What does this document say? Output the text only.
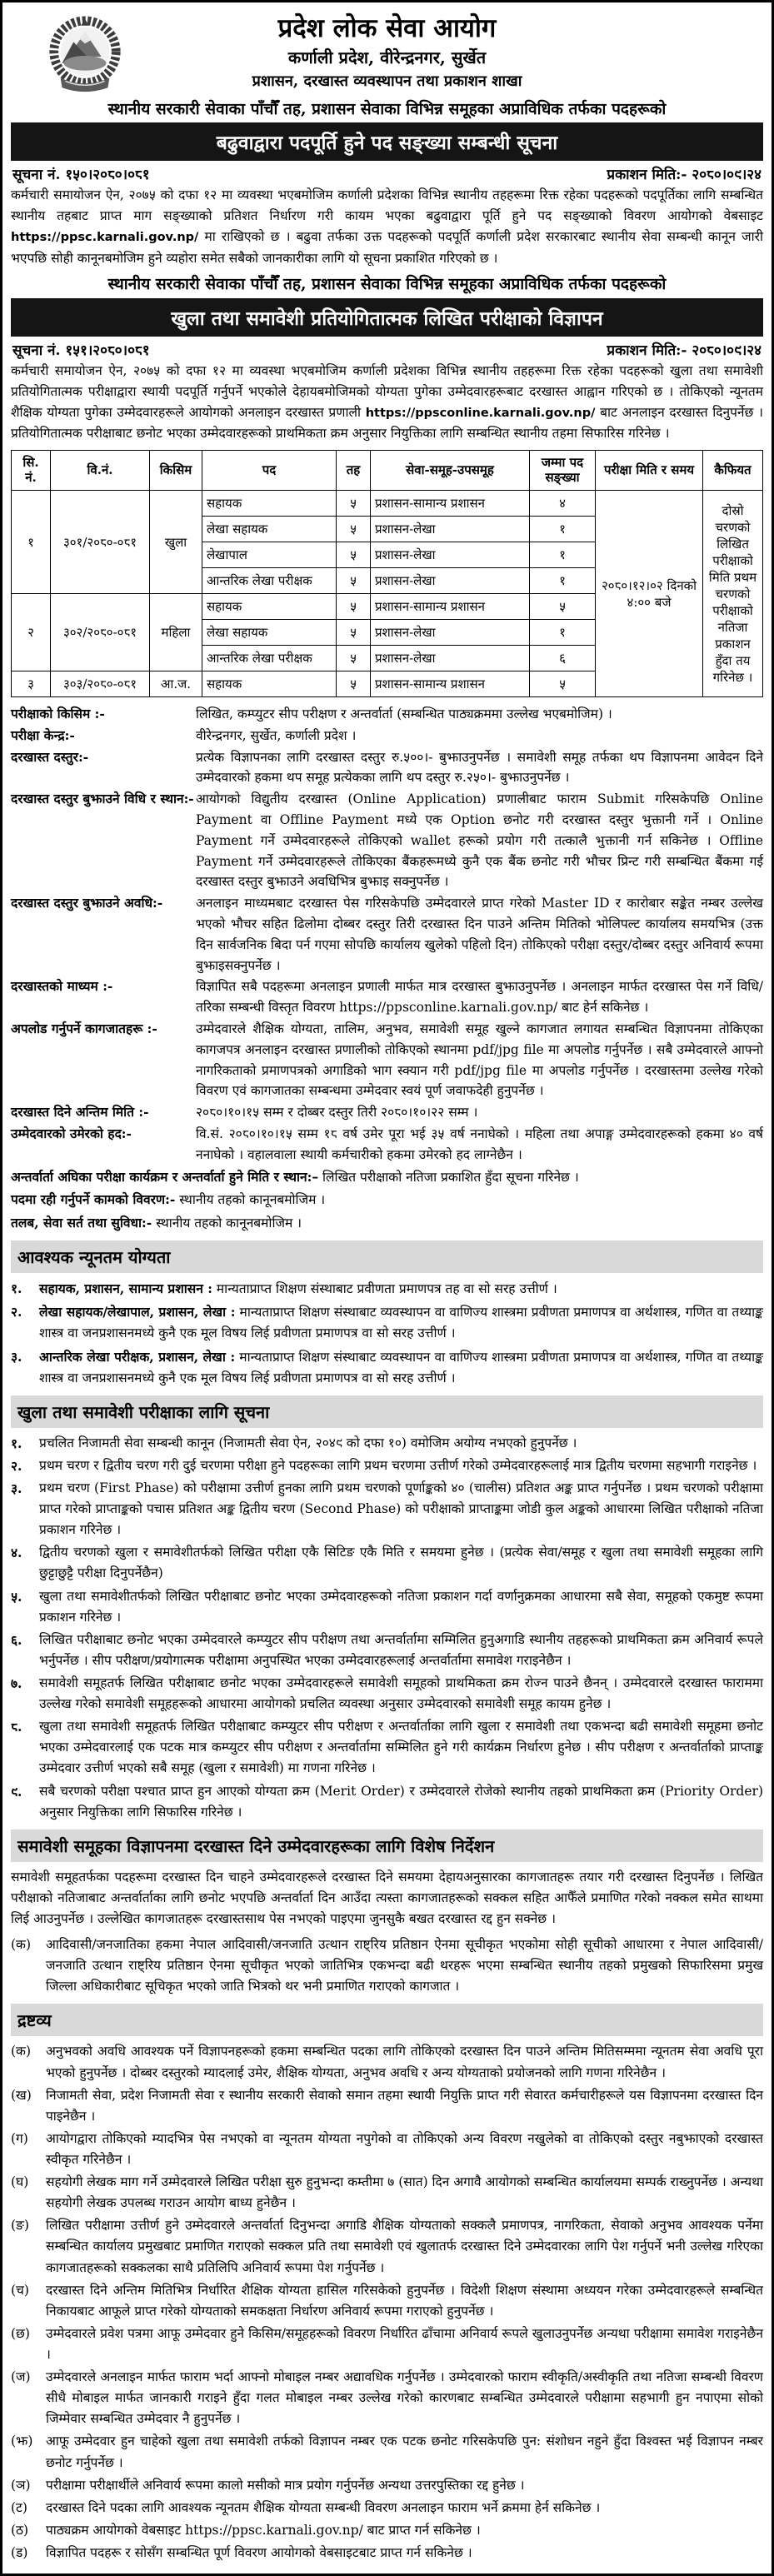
प्रदेश लोक सेवा आयोग
कर्णाली प्रदेश, वीरेन्द्रनगर, सुर्खेत
प्रशासन, दरखास्त व्यवस्थापन तथा प्रकाशन शाखा
स्थानीय सरकारी सेवाका पाँचौँ तह, प्रशासन सेवाका विभिन्न समूहका अप्राविधिक तर्फका पदहरूको
बढुवाद्वारा पदपूर्ति हुने पद सङ्ख्या सम्बन्धी सूचना
सूचना नं. १५०।२०८०।०८१	प्रकाशन मिति:- २०८०।०९।२४
कर्मचारी समायोजन ऐन, २०७५ को दफा १२ मा व्यवस्था भएबमोजिम कर्णाली प्रदेशका विभिन्न स्थानीय तहहरूमा रिक्त रहेका पदहरूको पदपूर्तिका लागि सम्बन्धित स्थानीय तहबाट प्राप्त माग सङ्ख्याको प्रतिशत निर्धारण गरी कायम भएका बढुवाद्वारा पूर्ति हुने पद सङ्ख्याको विवरण आयोगको वेबसाइट https://ppsc.karnali.gov.np/ मा राखिएको छ । बढुवा तर्फका उक्त पदहरूको पदपूर्ति कर्णाली प्रदेश सरकारबाट स्थानीय सेवा सम्बन्धी कानून जारी भएपछि सोही कानूनबमोजिम हुने व्यहोरा समेत सबैको जानकारीका लागि यो सूचना प्रकाशित गरिएको छ ।
स्थानीय सरकारी सेवाका पाँचौँ तह, प्रशासन सेवाका विभिन्न समूहका अप्राविधिक तर्फका पदहरूको
खुला तथा समावेशी प्रतियोगितात्मक लिखित परीक्षाको विज्ञापन
सूचना नं. १५१।२०८०।०८१	प्रकाशन मिति:- २०८०।०९।२४
कर्मचारी समायोजन ऐन, २०७५ को दफा १२ मा व्यवस्था भएबमोजिम कर्णाली प्रदेशका विभिन्न स्थानीय तहहरूमा रिक्त रहेका पदहरूको खुला तथा समावेशी प्रतियोगितात्मक परीक्षाद्वारा स्थायी पदपूर्ति गर्नुपर्ने भएकोले देहायबमोजिमको योग्यता पुगेका उम्मेदवारहरूबाट दरखास्त आह्वान गरिएको छ । तोकिएको न्यूनतम शैक्षिक योग्यता पुगेका उम्मेदवारहरूले आयोगको अनलाइन दरखास्त प्रणाली https://ppsconline.karnali.gov.np/ बाट अनलाइन दरखास्त दिनुपर्नेछ । प्रतियोगितात्मक परीक्षाबाट छनोट भएका उम्मेदवारहरूको प्राथमिकता क्रम अनुसार नियुक्तिका लागि सम्बन्धित स्थानीय तहमा सिफारिस गरिनेछ ।
सि. नं.	वि.नं.	किसिम	पद	तह	सेवा-समूह-उपसमूह	जम्मा पद सङ्ख्या	परीक्षा मिति र समय	कैफियत
१	३०१/२०८०-०८१	खुला	सहायक	५	प्रशासन-सामान्य प्रशासन	४	२०८०।१२।०२ दिनको ४:०० बजे	दोस्रो चरणको लिखित परीक्षाको मिति प्रथम चरणको परीक्षाको नतिजा प्रकाशन हुँदा तय गरिनेछ ।
			लेखा सहायक	५	प्रशासन-लेखा	१		
			लेखापाल	५	प्रशासन-लेखा	१		
			आन्तरिक लेखा परीक्षक	५	प्रशासन-लेखा	१		
२	३०२/२०८०-०८१	महिला	सहायक	५	प्रशासन-सामान्य प्रशासन	५		
			लेखा सहायक	५	प्रशासन-लेखा	१		
			आन्तरिक लेखा परीक्षक	५	प्रशासन-लेखा	६		
३	३०३/२०८०-०८१	आ.ज.	सहायक	५	प्रशासन-सामान्य प्रशासन	५		
परीक्षाको किसिम :-	लिखित, कम्प्युटर सीप परीक्षण र अन्तर्वार्ता (सम्बन्धित पाठ्यक्रममा उल्लेख भएबमोजिम) ।
परीक्षा केन्द्र:-	वीरेन्द्रनगर, सुर्खेत, कर्णाली प्रदेश ।
दरखास्त दस्तुर:-	प्रत्येक विज्ञापनका लागि दरखास्त दस्तुर रु.५००।- बुझाउनुपर्नेछ । समावेशी समूह तर्फका थप विज्ञापनमा आवेदन दिने उम्मेदवारको हकमा थप समूह प्रत्येकका लागि थप दस्तुर रु.२५०।- बुझाउनुपर्नेछ ।
दरखास्त दस्तुर बुझाउने विधि र स्थान:- आयोगको विद्युतीय दरखास्त (Online Application) प्रणालीबाट फाराम Submit गरिसकेपछि Online Payment वा Offline Payment मध्ये एक Option छनोट गरी दरखास्त दस्तुर भुक्तानी गर्ने । Online Payment गर्ने उम्मेदवारहरूले तोकिएको wallet हरूको प्रयोग गरी तत्कालै भुक्तानी गर्न सकिनेछ । Offline Payment गर्ने उम्मेदवारहरूले तोकिएका बैंकहरूमध्ये कुनै एक बैंक छनोट गरी भौचर प्रिन्ट गरी सम्बन्धित बैंकमा गई दरखास्त दस्तुर बुझाउने अवधिभित्र बुझाइ सक्नुपर्नेछ ।
दरखास्त दस्तुर बुझाउने अवधि:-	अनलाइन माध्यमबाट दरखास्त पेस गरिसकेपछि उम्मेदवारले प्राप्त गरेको Master ID र कारोबार सङ्केत नम्बर उल्लेख भएको भौचर सहित ढिलोमा दोब्बर दस्तुर तिरी दरखास्त दिन पाउने अन्तिम मितिको भोलिपल्ट कार्यालय समयभित्र (उक्त दिन सार्वजनिक बिदा पर्न गएमा सोपछि कार्यालय खुलेको पहिलो दिन) तोकिएको परीक्षा दस्तुर/दोब्बर दस्तुर अनिवार्य रूपमा बुझाइसक्नुपर्नेछ ।
दरखास्तको माध्यम :-	विज्ञापित सबै पदहरूमा अनलाइन प्रणाली मार्फत मात्र दरखास्त बुझाउनुपर्नेछ । अनलाइन मार्फत दरखास्त पेस गर्ने विधि/तरिका सम्बन्धी विस्तृत विवरण https://ppsconline.karnali.gov.np/ बाट हेर्न सकिनेछ ।
अपलोड गर्नुपर्ने कागजातहरू :-	उम्मेदवारले शैक्षिक योग्यता, तालिम, अनुभव, समावेशी समूह खुल्ने कागजात लगायत सम्बन्धित विज्ञापनमा तोकिएका कागजपत्र अनलाइन दरखास्त प्रणालीको तोकिएको स्थानमा pdf/jpg file मा अपलोड गर्नुपर्नेछ । सबै उम्मेदवारले आफ्नो नागरिकताको प्रमाणपत्रको अगाडिको भाग स्क्यान गरी pdf/jpg file मा अपलोड गर्नुपर्नेछ । दरखास्तमा उल्लेख गरेको विवरण एवं कागजातका सम्बन्धमा उम्मेदवार स्वयं पूर्ण जवाफदेही हुनुपर्नेछ ।
दरखास्त दिने अन्तिम मिति :-	२०८०।१०।१५ सम्म र दोब्बर दस्तुर तिरी २०८०।१०।२२ सम्म ।
उम्मेदवारको उमेरको हद:-	वि.सं. २०८०।१०।१५ सम्म १८ वर्ष उमेर पूरा भई ३५ वर्ष ननाघेको । महिला तथा अपाङ्ग उम्मेदवारहरूको हकमा ४० वर्ष ननाघेको । वहालवाला स्थायी कर्मचारीको हकमा उमेरको हद लाग्नेछैन ।
अन्तर्वार्ता अघिका परीक्षा कार्यक्रम र अन्तर्वार्ता हुने मिति र स्थान:– लिखित परीक्षाको नतिजा प्रकाशित हुँदा सूचना गरिनेछ ।
पदमा रही गर्नुपर्ने कामको विवरण:- स्थानीय तहको कानूनबमोजिम ।
तलब, सेवा सर्त तथा सुविधा:- स्थानीय तहको कानूनबमोजिम ।
आवश्यक न्यूनतम योग्यता
१.	सहायक, प्रशासन, सामान्य प्रशासन : मान्यताप्राप्त शिक्षण संस्थाबाट प्रवीणता प्रमाणपत्र तह वा सो सरह उत्तीर्ण ।
२.	लेखा सहायक/लेखापाल, प्रशासन, लेखा : मान्यताप्राप्त शिक्षण संस्थाबाट व्यवस्थापन वा वाणिज्य शास्त्रमा प्रवीणता प्रमाणपत्र वा अर्थशास्त्र, गणित वा तथ्याङ्क शास्त्र वा जनप्रशासनमध्ये कुनै एक मूल विषय लिई प्रवीणता प्रमाणपत्र वा सो सरह उत्तीर्ण ।
३.	आन्तरिक लेखा परीक्षक, प्रशासन, लेखा : मान्यताप्राप्त शिक्षण संस्थाबाट व्यवस्थापन वा वाणिज्य शास्त्रमा प्रवीणता प्रमाणपत्र वा अर्थशास्त्र, गणित वा तथ्याङ्क शास्त्र वा जनप्रशासनमध्ये कुनै एक मूल विषय लिई प्रवीणता प्रमाणपत्र वा सो सरह उत्तीर्ण ।
खुला तथा समावेशी परीक्षाका लागि सूचना
१.	प्रचलित निजामती सेवा सम्बन्धी कानून (निजामती सेवा ऐन, २०४९ को दफा १०) वमोजिम अयोग्य नभएको हुनुपर्नेछ ।
२.	प्रथम चरण र द्वितीय चरण गरी दुई चरणमा परीक्षा हुने पदहरूका लागि प्रथम चरणमा उत्तीर्ण गरेको उम्मेदवारहरूलाई मात्र द्वितीय चरणमा सहभागी गराइनेछ ।
३.	प्रथम चरण (First Phase) को परीक्षामा उत्तीर्ण हुनका लागि प्रथम चरणको पूर्णाङ्कको ४० (चालीस) प्रतिशत अङ्क प्राप्त गर्नुपर्नेछ । प्रथम चरणको परीक्षामा प्राप्त गरेको प्राप्ताङ्कको पचास प्रतिशत अङ्क द्वितीय चरण (Second Phase) को परीक्षाको प्राप्ताङ्कमा जोडी कुल अङ्कको आधारमा लिखित परीक्षाको नतिजा प्रकाशन गरिनेछ ।
४.	द्वितीय चरणको खुला र समावेशीतर्फको लिखित परीक्षा एकै सिटिङ एकै मिति र समयमा हुनेछ । (प्रत्येक सेवा/समूह र खुला तथा समावेशी समूहका लागि छुट्टाछुट्टै परीक्षा दिनुपर्नेछैन)
५.	खुला तथा समावेशीतर्फको लिखित परीक्षाबाट छनोट भएका उम्मेदवारहरूको नतिजा प्रकाशन गर्दा वर्णानुक्रमका आधारमा सबै सेवा, समूहको एकमुष्ट रूपमा प्रकाशन गरिनेछ ।
६.	लिखित परीक्षाबाट छनोट भएका उम्मेदवारले कम्प्युटर सीप परीक्षण तथा अन्तर्वार्तामा सम्मिलित हुनुअगाडि स्थानीय तहहरूको प्राथमिकता क्रम अनिवार्य रूपले भर्नुपर्नेछ । सीप परीक्षण/प्रयोगात्मक परीक्षामा अनुपस्थित भएका उम्मेदवारहरूलाई अन्तर्वार्तामा समावेश गराइनेछैन ।
७.	समावेशी समूहतर्फ लिखित परीक्षाबाट छनोट भएका उम्मेदवारहरूले समावेशी समूहको प्राथमिकता क्रम रोज्न पाउने छैनन् । उम्मेदवारले दरखास्त फाराममा उल्लेख गरेको समावेशी समूहहरूको आधारमा आयोगको प्रचलित व्यवस्था अनुसार उम्मेदवारको समावेशी समूह कायम हुनेछ ।
८.	खुला तथा समावेशी समूहतर्फ लिखित परीक्षाबाट कम्प्युटर सीप परीक्षण र अन्तर्वार्ताका लागि खुला र समावेशी तथा एकभन्दा बढी समावेशी समूहमा छनोट भएका उम्मेदवारलाई एक पटक मात्र कम्प्युटर सीप परीक्षण र अन्तर्वार्तामा सम्मिलित हुने गरी कार्यक्रम निर्धारण हुनेछ । सीप परीक्षण र अन्तर्वार्ताको प्राप्ताङ्क उम्मेदवार उत्तीर्ण भएको सबै समूह (खुला र समावेशी) मा गणना गरिनेछ ।
९.	सबै चरणको परीक्षा पश्चात प्राप्त हुन आएको योग्यता क्रम (Merit Order) र उम्मेदवारले रोजेको स्थानीय तहको प्राथमिकता क्रम (Priority Order) अनुसार नियुक्तिका लागि सिफारिस गरिनेछ ।
समावेशी समूहका विज्ञापनमा दरखास्त दिने उम्मेदवारहरूका लागि विशेष निर्देशन
समावेशी समूहतर्फका पदहरूमा दरखास्त दिन चाहने उम्मेदवारहरूले दरखास्त दिने समयमा देहायअनुसारका कागजातहरू तयार गरी दरखास्त दिनुपर्नेछ । लिखित परीक्षाको नतिजाबाट अन्तर्वार्ताका लागि छनोट भएपछि अन्तर्वार्ता दिन आउँदा त्यस्ता कागजातहरूको सक्कल सहित आफैँले प्रमाणित गरेको नक्कल समेत साथमा लिई आउनुपर्नेछ । उल्लेखित कागजातहरू दरखास्तसाथ पेस नभएको पाइएमा जुनसुकै बखत दरखास्त रद्द हुन सक्नेछ ।
(क)	आदिवासी/जनजातिका हकमा नेपाल आदिवासी/जनजाति उत्थान राष्ट्रिय प्रतिष्ठान ऐनमा सूचीकृत भएकोमा सोही सूचीको आधारमा र नेपाल आदिवासी/जनजाति उत्थान राष्ट्रिय प्रतिष्ठान ऐनमा सूचीकृत भएको जातिभित्र एकभन्दा बढी थरहरू भएमा सम्बन्धित स्थानीय तहको प्रमुखको सिफारिसमा प्रमुख जिल्ला अधिकारीबाट सूचिकृत भएको जाति भित्रको थर भनी प्रमाणित गराएको कागजात ।
द्रष्टव्य
(क)	अनुभवको अवधि आवश्यक पर्ने विज्ञापनहरूको हकमा सम्बन्धित पदका लागि तोकिएको दरखास्त दिन पाउने अन्तिम मितिसम्ममा न्यूनतम सेवा अवधि पूरा भएको हुनुपर्नेछ । दोब्बर दस्तुरको म्यादलाई उमेर, शैक्षिक योग्यता, अनुभव अवधि र अन्य योग्यताको प्रयोजनको लागि गणना गरिनेछैन ।
(ख)	निजामती सेवा, प्रदेश निजामती सेवा र स्थानीय सरकारी सेवाको समान तहमा स्थायी नियुक्ति प्राप्त गरी सेवारत कर्मचारीहरूले यस विज्ञापनमा दरखास्त दिन पाइनेछैन ।
(ग)	आयोगद्वारा तोकिएको म्यादभित्र पेस नभएको वा न्यूनतम योग्यता नपुगेको वा तोकिएको अन्य विवरण नखुलेको वा तोकिएको दस्तुर नबुझाएको दरखास्त स्वीकृत गरिनेछैन ।
(घ)	सहयोगी लेखक माग गर्ने उम्मेदवारले लिखित परीक्षा सुरु हुनुभन्दा कम्तीमा ७ (सात) दिन अगावै आयोगको सम्बन्धित कार्यालयमा सम्पर्क राख्नुपर्नेछ । अन्यथा सहयोगी लेखक उपलब्ध गराउन आयोग बाध्य हुनेछैन ।
(ङ)	लिखित परीक्षामा उत्तीर्ण हुने उम्मेदवारले अन्तर्वार्ता दिनुभन्दा अगाडि शैक्षिक योग्यताको सक्कलै प्रमाणपत्र, नागरिकता, सेवाको अनुभव आवश्यक पर्नेमा सम्बन्धित कार्यालय प्रमुखबाट प्रमाणित गराएको सक्कल प्रति तथा समावेशी एवं खुलातर्फ दरखास्त दिने उम्मेदवारका लागि पेश गर्नुपर्ने भनी उल्लेख गरिएका कागजातहरूको सक्कलका साथै प्रतिलिपि अनिवार्य रूपमा पेश गर्नुपर्नेछ ।
(च)	दरखास्त दिने अन्तिम मितिभित्र निर्धारित शैक्षिक योग्यता हासिल गरिसकेको हुनुपर्नेछ । विदेशी शिक्षण संस्थामा अध्ययन गरेका उम्मेदवारहरूले सम्बन्धित निकायबाट आफूले प्राप्त गरेको योग्यताको समकक्षता निर्धारण अनिवार्य रूपमा गराएको हुनुपर्नेछ ।
(छ)	उम्मेदवारले प्रवेश पत्रमा आफू उम्मेदवार हुने किसिम/समूहहरूको विवरण निर्धारित ढाँचामा अनिवार्य रूपले खुलाउनुपर्नेछ अन्यथा परीक्षामा समावेश गराइनेछैन ।
(ज)	उम्मेदवारले अनलाइन मार्फत फाराम भर्दा आफ्नो मोबाइल नम्बर अद्यावधिक गर्नुपर्नेछ । उम्मेदवारको फाराम स्वीकृति/अस्वीकृति तथा नतिजा सम्बन्धी विवरण सीधै मोबाइल मार्फत जानकारी गराइने हुँदा गलत मोबाइल नम्बर उल्लेख गरेको कारणबाट सम्बन्धित उम्मेदवारले परीक्षामा सहभागी हुन नपाएमा सोको जिम्मेवार सम्बन्धित उम्मेदवार नै हुनुपर्नेछ ।
(झ)	आफू उम्मेदवार हुन चाहेको खुला तथा समावेशी तर्फको विज्ञापन नम्बर एक पटक छनोट गरिसकेपछि पुन: संशोधन नहुने हुँदा विश्वस्त भई विज्ञापन नम्बर छनोट गर्नुपर्नेछ ।
(ञ)	परीक्षामा परीक्षार्थीले अनिवार्य रूपमा कालो मसीको मात्र प्रयोग गर्नुपर्नेछ अन्यथा उत्तरपुस्तिका रद्द हुनेछ ।
(ट)	दरखास्त दिने पदका लागि आवश्यक न्यूनतम शैक्षिक योग्यता सम्बन्धी विवरण अनलाइन फाराम भर्ने क्रममा हेर्न सकिनेछ ।
(ठ)	पाठ्यक्रम आयोगको वेबसाइट https://ppsc.karnali.gov.np/ बाट प्राप्त गर्न सकिनेछ ।
(ड)	विज्ञापित पदहरू र सोसँग सम्बन्धित पूर्ण विवरण आयोगको वेबसाइटबाट प्राप्त गर्न सकिनेछ ।
